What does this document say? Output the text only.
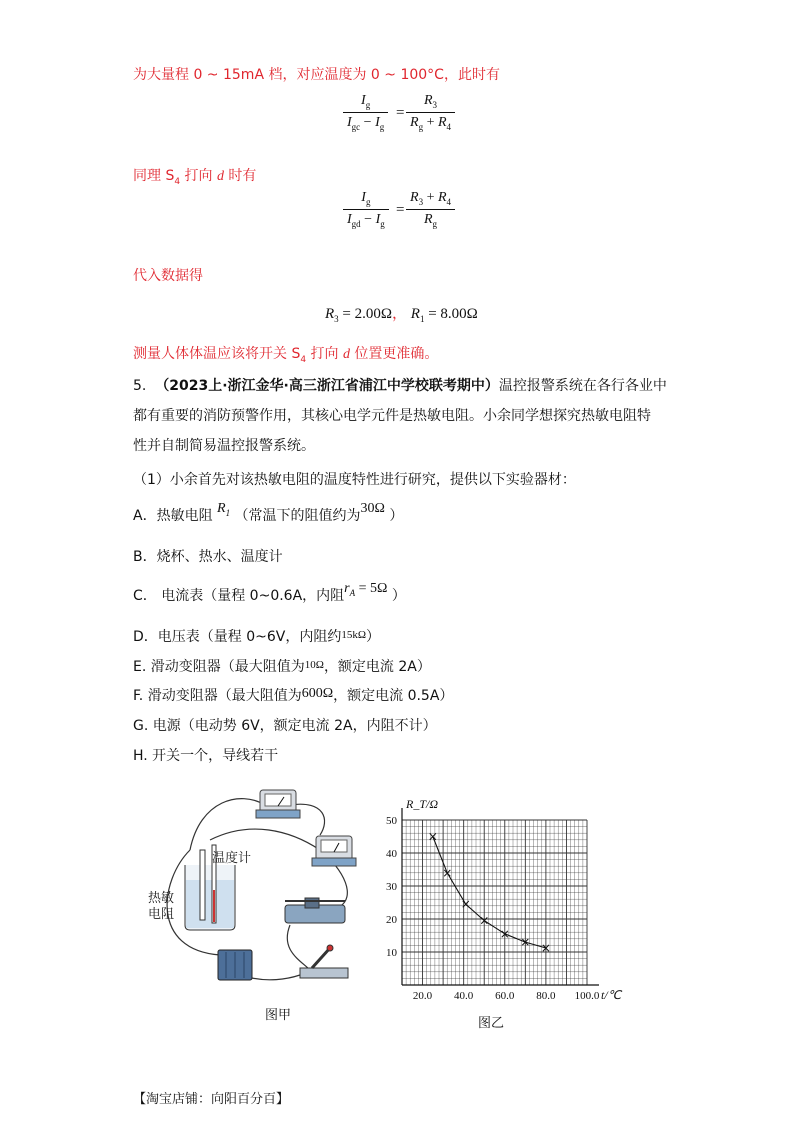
为大量程 0 ~ 15mA 档，对应温度为 0 ~ 100°C，此时有
$I_g$
$I_{gc} - I_g$
=
$R_3$
$R_g + R_4$
同理 $S_4$ 打向 d 时有
$I_g$
$I_{gd} - I_g$
=
$R_3 + R_4$
$R_g$
代入数据得
$R_3 = 2.00\Omega$， $R_1 = 8.00\Omega$
测量人体体温应该将开关 $S_4$ 打向 d 位置更准确。
5. （2023上·浙江金华·高三浙江省浦江中学校联考期中）温控报警系统在各行各业中
都有重要的消防预警作用，其核心电学元件是热敏电阻。小余同学想探究热敏电阻特
性并自制简易温控报警系统。
（1）小余首先对该热敏电阻的温度特性进行研究，提供以下实验器材：
A．热敏电阻 $R_1$ （常温下的阻值约为30Ω ）
B．烧杯、热水、温度计
C． 电流表（量程 0~0.6A，内阻$r_A = 5\Omega$ ）
D．电压表（量程 0~6V，内阻约$^{15k\Omega}$）
E. 滑动变阻器（最大阻值为$^{10\Omega}$，额定电流 2A）
F. 滑动变阻器（最大阻值为600Ω，额定电流 0.5A）
G. 电源（电动势 6V，额定电流 2A，内阻不计）
H. 开关一个，导线若干
温度计
热敏
电阻
图甲
10
20
30
40
50
20.0 40.0 60.0 80.0 100.0
R_T/Ω
t/℃
×
×
×
×
×
× ×
图乙
【淘宝店铺：向阳百分百】
